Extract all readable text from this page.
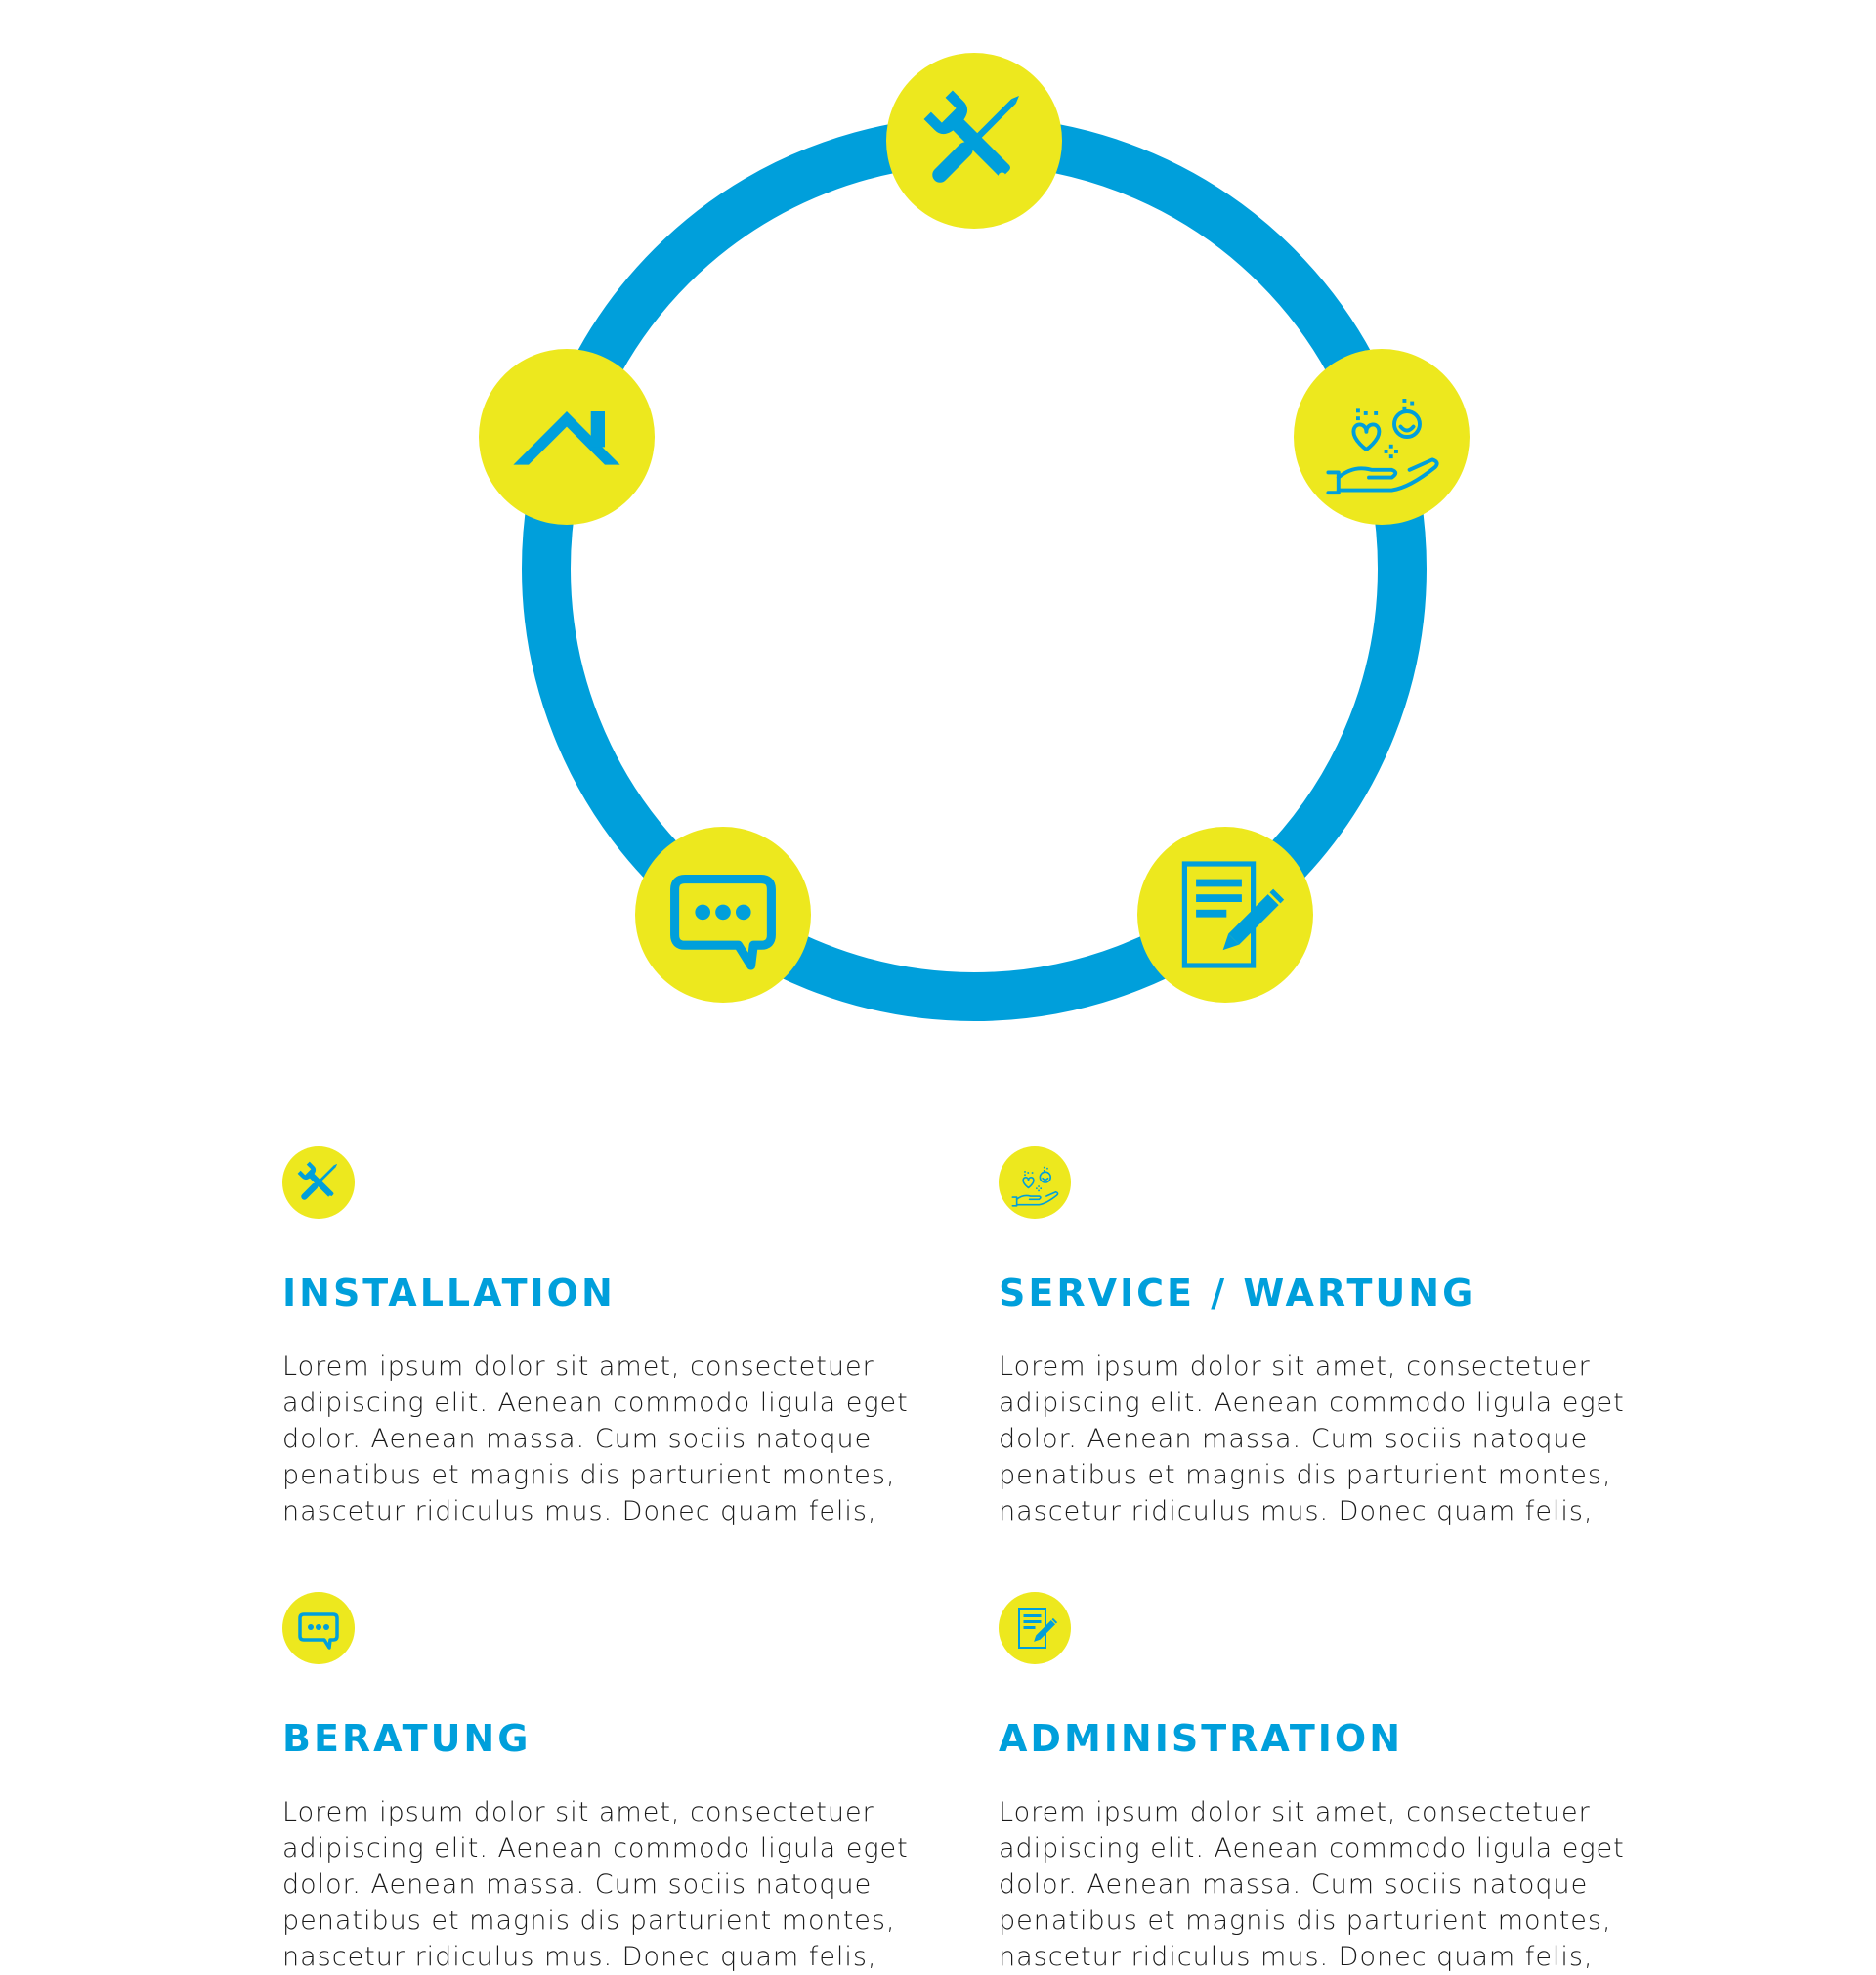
INSTALLATION

Lorem ipsum dolor sit amet, consectetuer adipiscing elit. Aenean commodo ligula eget dolor. Aenean massa. Cum sociis natoque penatibus et magnis dis parturient montes, nascetur ridiculus mus. Donec quam felis,

SERVICE / WARTUNG

Lorem ipsum dolor sit amet, consectetuer adipiscing elit. Aenean commodo ligula eget dolor. Aenean massa. Cum sociis natoque penatibus et magnis dis parturient montes, nascetur ridiculus mus. Donec quam felis,

BERATUNG

Lorem ipsum dolor sit amet, consectetuer adipiscing elit. Aenean commodo ligula eget dolor. Aenean massa. Cum sociis natoque penatibus et magnis dis parturient montes, nascetur ridiculus mus. Donec quam felis,

ADMINISTRATION

Lorem ipsum dolor sit amet, consectetuer adipiscing elit. Aenean commodo ligula eget dolor. Aenean massa. Cum sociis natoque penatibus et magnis dis parturient montes, nascetur ridiculus mus. Donec quam felis,
